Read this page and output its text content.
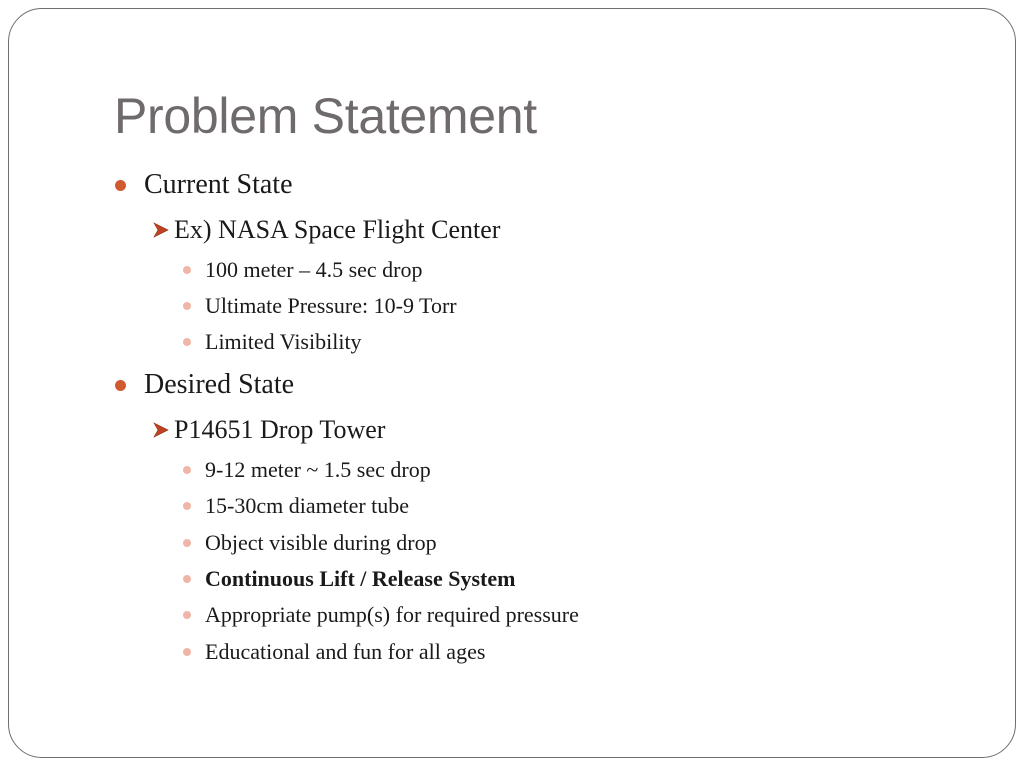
Problem Statement
Current State
Ex) NASA Space Flight Center
100 meter – 4.5 sec drop
Ultimate Pressure: 10-9 Torr
Limited Visibility
Desired State
P14651 Drop Tower
9-12 meter ~ 1.5 sec drop
15-30cm diameter tube
Object visible during drop
Continuous Lift / Release System
Appropriate pump(s) for required pressure
Educational and fun for all ages
